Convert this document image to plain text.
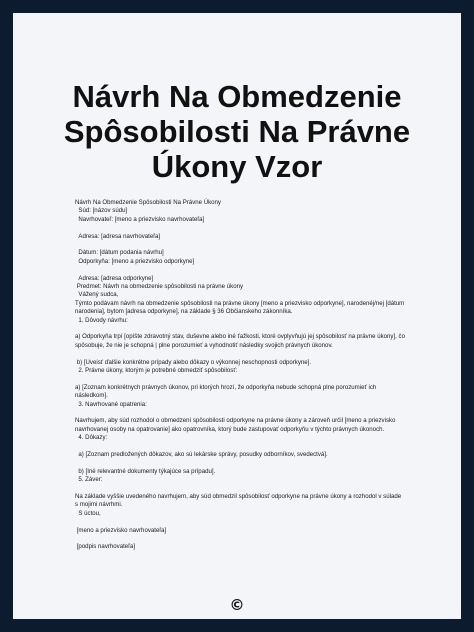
Návrh Na Obmedzenie
Spôsobilosti Na Právne
Úkony Vzor
Návrh Na Obmedzenie Spôsobilosti Na Právne Úkony
Súd: [názov súdu]
Navrhovateľ: [meno a priezvisko navrhovateľa]
Adresa: [adresa navrhovateľa]
Dátum: [dátum podania návrhu]
Odporkyňa: [meno a priezvisko odporkyne]
Adresa: [adresa odporkyne]
Predmet: Návrh na obmedzenie spôsobilosti na právne úkony
Vážený sudca,
Týmto podávam návrh na obmedzenie spôsobilosti na právne úkony [meno a priezvisko odporkyne], narodenéj/nej [dátum narodenia], bytom [adresa odporkyne], na základe § 36 Občianskeho zákonníka.
1. Dôvody návrhu:
a) Odporkyňa trpí [opíšte zdravotný stav, duševne alebo iné ťažkosti, ktoré ovplyvňujú jej spôsobilosť na právne úkony], čo spôsobuje, že nie je schopná | plne porozumieť a vyhodnotiť následky svojich právnych úkonov.
b) [Uveisť ďalšie konkrétne prípady alebo dôkazy o výkonnej neschopnosti odporkyne].
2. Právne úkony, ktorým je potrebné obmedziť spôsobilosť:
a) [Zoznam konkrétnych právnych úkonov, pri ktorých hrozí, že odporkyňa nebude schopná plne porozumieť ich následkom].
3. Navrhované opatrenia:
Navrhujem, aby súd rozhodol o obmedzení spôsobilosti odporkyne na právne úkony a zároveň určil [meno a priezvisko navrhovanej osoby na opatrovanie] ako opatrovníka, ktorý bude zastupovať odporkyňu v týchto právnych úkonoch.
4. Dôkazy:
a) [Zoznam predložených dôkazov, ako sú lekárske správy, posudky odborníkov, svedectvá].
b) [Iné relevantné dokumenty týkajúce sa prípadu].
5. Záver:
Na základe vyššie uvedeného navrhujem, aby súd obmedzil spôsobilosť odporkyne na právne úkony a rozhodol v súlade s mojimi návrhmi.
S úctou,
[meno a priezvisko navrhovateľa]
[podpis navrhovateľa]
©
